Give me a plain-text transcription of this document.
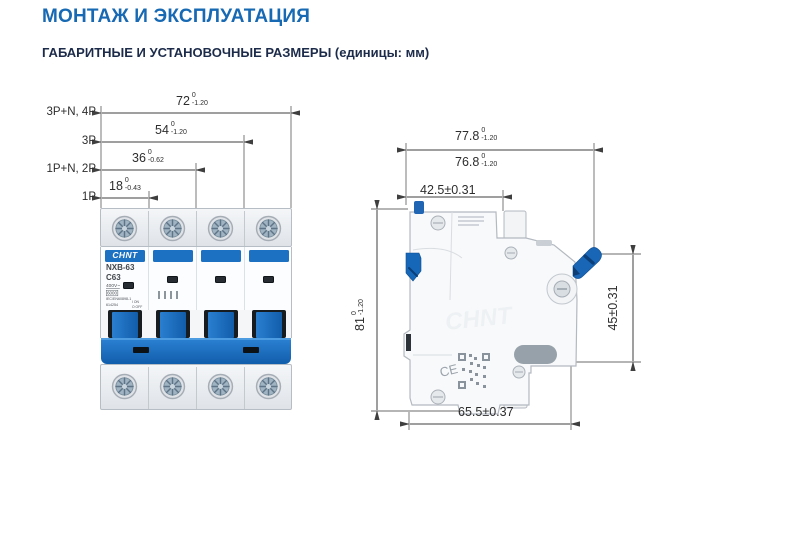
МОНТАЖ И ЭКСПЛУАТАЦИЯ
ГАБАРИТНЫЕ И УСТАНОВОЧНЫЕ РАЗМЕРЫ (единицы: мм)
CHNT
CE
3P+N, 4P
3P
1P+N, 2P
1P
72 0
-1.20
54 0
-1.20
36 0
-0.62
18 0
-0.43
77.8 0
-1.20
76.8 0
-1.20
42.5±0.31
81
0 -1.20	45±0.31
65.5±0.37
CHNT
NXB-63
C63
400V~
6000
IEC/EN60898-1
614254
I ON
O OFF
